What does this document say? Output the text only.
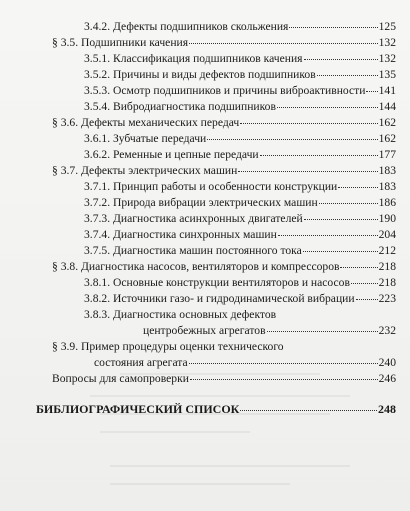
3.4.2. Дефекты подшипников скольжения	125
§ 3.5. Подшипники качения	132
3.5.1. Классификация подшипников качения	132
3.5.2. Причины и виды дефектов подшипников	135
3.5.3. Осмотр подшипников и причины виброактивности 141
3.5.4. Вибродиагностика подшипников	144
§ 3.6. Дефекты механических передач	162
3.6.1. Зубчатые передачи	162
3.6.2. Ременные и цепные передачи	177
§ 3.7. Дефекты электрических машин	183
3.7.1. Принцип работы и особенности конструкции	183
3.7.2. Природа вибрации электрических машин	186
3.7.3. Диагностика асинхронных двигателей	190
3.7.4. Диагностика синхронных машин	204
3.7.5. Диагностика машин постоянного тока	212
§ 3.8. Диагностика насосов, вентиляторов и компрессоров	218
3.8.1. Основные конструкции вентиляторов и насосов 218
3.8.2. Источники газо- и гидродинамической вибрации 223
3.8.3. Диагностика основных дефектов
центробежных агрегатов	232
§ 3.9. Пример процедуры оценки технического
состояния агрегата	240
Вопросы для самопроверки	246
БИБЛИОГРАФИЧЕСКИЙ СПИСОК	248
